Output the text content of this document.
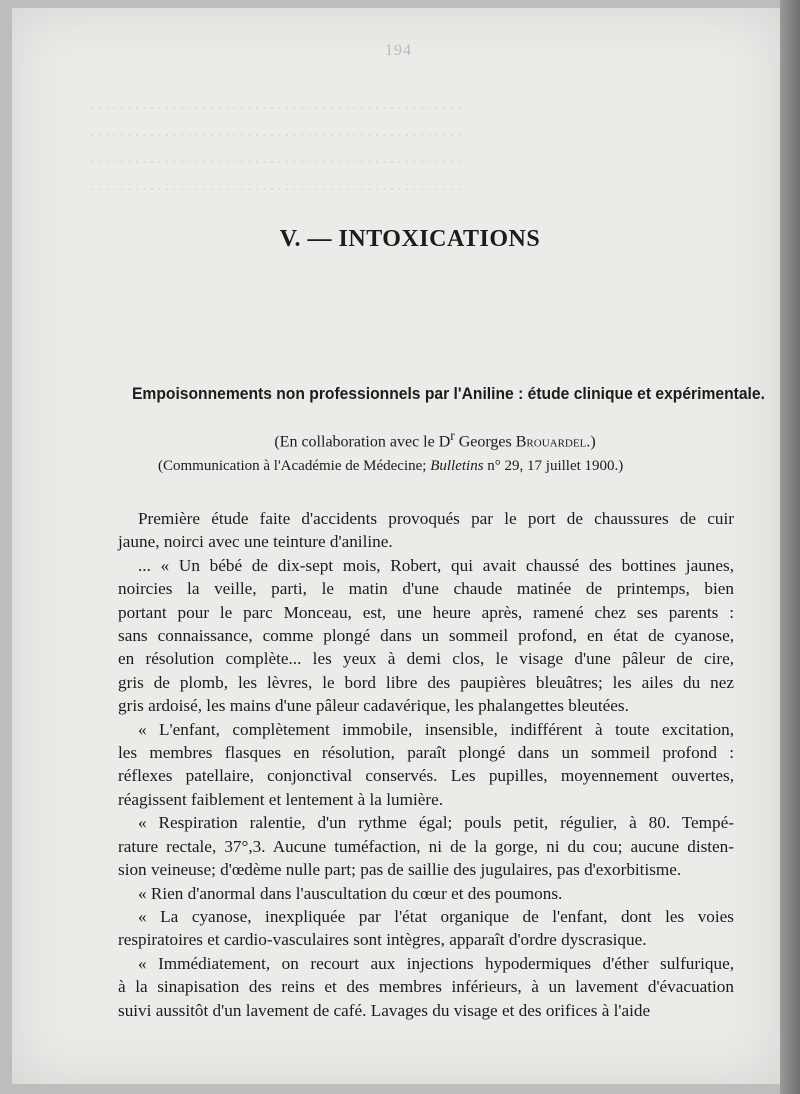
194
. . . . . . . . . . . . . . . . . . . . . . . . . . . . . . . . . . . . . . . . . . . . . . . . . .
. . . . . . . . . . . . . . . . . . . . . . . . . . . . . . . . . . . . . . . . . . . . . . . . . .
. . . . . . . . . . . . . . . . . . . . . . . . . . . . . . . . . . . . . . . . . . . . . . . . . .
. . . . . . . . . . . . . . . . . . . . . . . . . . . . . . . . . . . . . . . . . . . . . . . . . .
V. — INTOXICATIONS
Empoisonnements non professionnels par l'Aniline : étude clinique et expérimentale.
(En collaboration avec le $D^r$ Georges Brouardel.)
(Communication à l'Académie de Médecine; Bulletins n° 29, 17 juillet 1900.)
Première étude faite d'accidents provoqués par le port de chaussures de cuir
jaune, noirci avec une teinture d'aniline.
... « Un bébé de dix-sept mois, Robert, qui avait chaussé des bottines jaunes,
noircies la veille, parti, le matin d'une chaude matinée de printemps, bien
portant pour le parc Monceau, est, une heure après, ramené chez ses parents :
sans connaissance, comme plongé dans un sommeil profond, en état de cyanose,
en résolution complète... les yeux à demi clos, le visage d'une pâleur de cire,
gris de plomb, les lèvres, le bord libre des paupières bleuâtres; les ailes du nez
gris ardoisé, les mains d'une pâleur cadavérique, les phalangettes bleutées.
« L'enfant, complètement immobile, insensible, indifférent à toute excitation,
les membres flasques en résolution, paraît plongé dans un sommeil profond :
réflexes patellaire, conjonctival conservés. Les pupilles, moyennement ouvertes,
réagissent faiblement et lentement à la lumière.
« Respiration ralentie, d'un rythme égal; pouls petit, régulier, à 80. Tempé-
rature rectale, 37°,3. Aucune tuméfaction, ni de la gorge, ni du cou; aucune disten-
sion veineuse; d'œdème nulle part; pas de saillie des jugulaires, pas d'exorbitisme.
« Rien d'anormal dans l'auscultation du cœur et des poumons.
« La cyanose, inexpliquée par l'état organique de l'enfant, dont les voies
respiratoires et cardio-vasculaires sont intègres, apparaît d'ordre dyscrasique.
« Immédiatement, on recourt aux injections hypodermiques d'éther sulfurique,
à la sinapisation des reins et des membres inférieurs, à un lavement d'évacuation
suivi aussitôt d'un lavement de café. Lavages du visage et des orifices à l'aide
